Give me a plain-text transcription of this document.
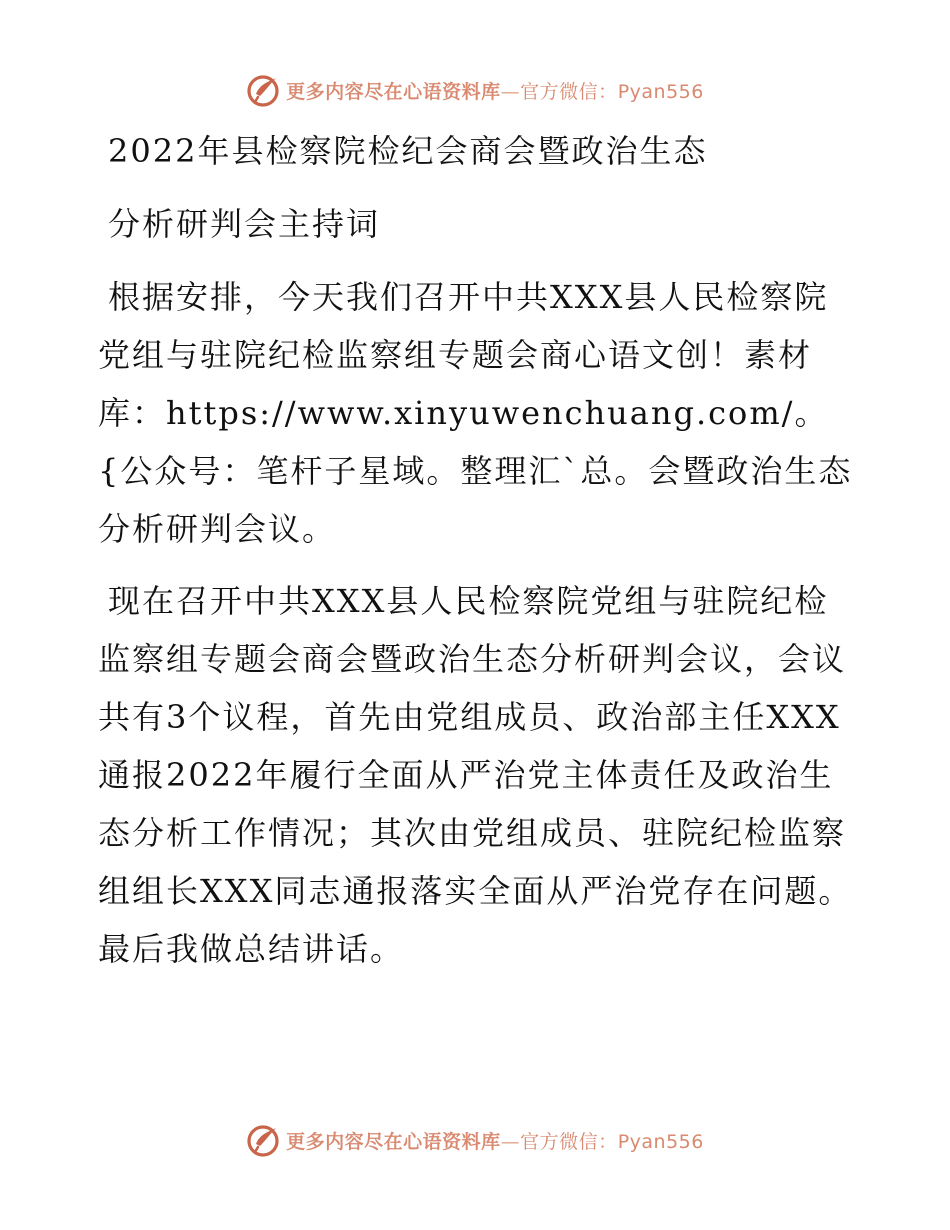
更多内容尽在心语资料库—官方微信：Pyan556

2022年县检察院检纪会商会暨政治生态

分析研判会主持词

根据安排，今天我们召开中共XXX县人民检察院党组与驻院纪检监察组专题会商心语文创！素材库：https://www.xinyuwenchuang.com/。{公众号：笔杆子星域。整理汇`总。会暨政治生态分析研判会议。

现在召开中共XXX县人民检察院党组与驻院纪检监察组专题会商会暨政治生态分析研判会议，会议共有3个议程，首先由党组成员、政治部主任XXX通报2022年履行全面从严治党主体责任及政治生态分析工作情况；其次由党组成员、驻院纪检监察组组长XXX同志通报落实全面从严治党存在问题。最后我做总结讲话。

更多内容尽在心语资料库—官方微信：Pyan556
